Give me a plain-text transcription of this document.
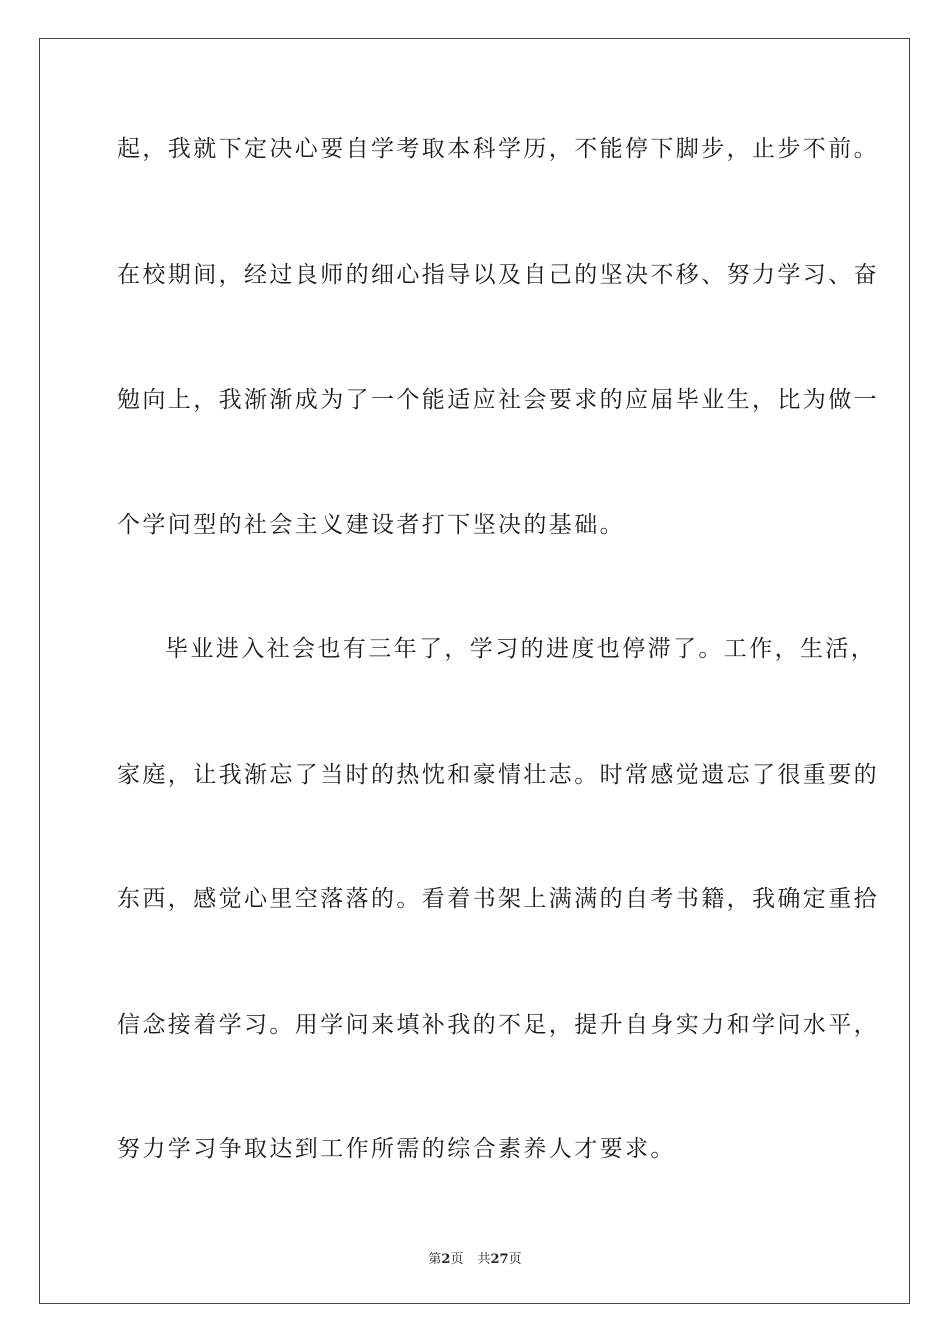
起，我就下定决心要自学考取本科学历，不能停下脚步，止步不前。
在校期间，经过良师的细心指导以及自己的坚决不移、努力学习、奋
勉向上，我渐渐成为了一个能适应社会要求的应届毕业生，比为做一
个学问型的社会主义建设者打下坚决的基础。
毕业进入社会也有三年了，学习的进度也停滞了。工作，生活，
家庭，让我渐忘了当时的热忱和豪情壮志。时常感觉遗忘了很重要的
东西，感觉心里空落落的。看着书架上满满的自考书籍，我确定重拾
信念接着学习。用学问来填补我的不足，提升自身实力和学问水平，
努力学习争取达到工作所需的综合素养人才要求。
第2页 共27页
